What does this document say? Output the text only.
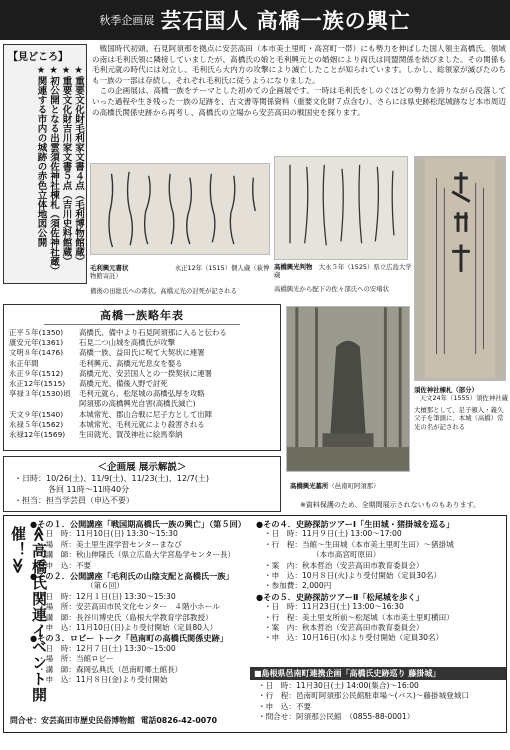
秋季企画展 芸石国人 高橋一族の興亡
【見どころ】

★重要文化財毛利家文書４点（毛利博物館蔵）

★重要文化財吉川家文書５点（吉川史料館蔵）

★初公開となる出雲須佐神社棟札（須佐神社蔵）

★関連する市内の城跡の赤色立体地図公開

戦国時代初頭、石見阿須那を拠点に安芸高田（本市美土里町・高宮町一帯）にも勢力を伸ばした国人領主高橋氏。領域の南は毛利氏領に隣接していましたが、高橋氏の娘と毛利興元との婚姻により両氏は同盟関係を結びました。その関係も毛利元就の時代には対立し、毛利氏ら大内方の攻撃により滅亡したことが知られています。しかし、総領家が滅びたのちも一族の一部は存続し、それぞれ毛利氏に従うようになりました。

この企画展は、高橋一族をテーマとした初めての企画展です。一時は毛利氏をしのぐほどの勢力を誇りながら没落していった過程や生き残った一族の足跡を、古文書等関係資料（重要文化財７点含む）、さらには県史跡松尾城跡など本市周辺の高橋氏関係史跡から再考し、高橋氏の立場から安芸高田の戦国史を探ります。

毛利興元書状　	永正12年（1515）個人蔵（萩博物館寄託）
備後の田総氏への書状。高橋元光の討死が記される
高橋興光判物　 大永５年（1525）県立広島大学蔵
高橋興光から配下の佐々部氏への安堵状
須佐神社棟札（部分）
天文24年（1555）須佐神社蔵
大檀那として、足子頓入・義久父子を筆頭に、本城（高橋）常光の名が記される
高橋興光墓所（邑南町阿須那）
高橋一族略年表
正平５年(1350)	高橋氏、備中より石見阿須那に入ると伝わる
康安元年(1361)	石見二つ山城を高橋氏が攻撃
文明８年(1476)	高橋一族、益田氏に呪て大契状に連署
永正年間	毛利興元、高橋元光息女を娶る
永正９年(1512)	高橋元光、安芸国人との一揆契状に連署
永正12年(1515)	高橋元光、備後入野で討死
享禄３年(1530)頃	毛利元就ら、松尾城の高橋弘厚を攻略
阿須那の高橋興光自害(高橋氏滅亡)
天文９年(1540)	本城常光、郡山合戦に尼子方として出陣
永禄５年(1562)	本城常光、毛利元就により殺害される
永禄12年(1569)	生田就光、賀茂神社に絵馬奉納
＜企画展 展示解説＞
・日時：10/26(土)、11/9(土)、11/23(土)、12/7(土)
各回 11時～11時40分
・担当：担当学芸員（申込不要）	※資料保護のため、全期間展示されないものもあります。
≪高橋氏関連イベント開催！≫
●その１．公開講座「戦国期高橋氏一族の興亡」（第５回）
・日　時：11月10日(日) 13:30～15:30
・場　所：美土里生涯学習センターまなび
・講　師：秋山伸隆氏（県立広島大学宮島学センター長）
・申　込：不要
●その２．公開講座「毛利氏の山陰支配と高橋氏一族」
（第６回）
・日　時：12月１日(日) 13:30～15:30
・場　所：安芸高田市民文化センター　４階小ホール
・講　師：長谷川博史氏（島根大学教育学部教授）
・申　込：11月10日(日)より受付開始（定員80人）
●その３．ロビー トーク「邑南町の高橋氏関係史跡」
・日　時：12月７日(土) 13:30～15:00
・場　所：当館ロビー
・講　師：森岡弘典氏（邑南町郷土館長）
・申　込：11月８日(金)より受付開始
●その４．史跡探訪ツアーⅠ「生田城・猪掛城を巡る」
・日　時：11月９日(土) 13:00～17:00
・行　程：当館～生田城（本市美土里町生田）～猪掛城
（本市高宮町原田）
・案　内：秋本哲治（安芸高田市教育委員会）
・申　込：10月８日(火)より受付開始（定員30名）
・参加費：2,000円
●その５．史跡探訪ツアーⅡ「松尾城を歩く」
・日　時：11月23日(土) 13:00～16:30
・行　程：美土里支所前～松尾城（本市美土里町横田）
・案　内：秋本哲治（安芸高田市教育委員会）
・申　込：10月16日(水)より受付開始（定員30名）
問合せ：安芸高田市歴史民俗博物館 電話0826-42-0070
■島根県邑南町連携企画「高橋氏史跡巡り 藤掛城」
・日　時：11月30日(土) 14:00(集合)～16:00
・行　程：邑南町阿須那公民館駐車場～(バス)～藤掛城登城口
・申　込：不要
・問合せ：阿須那公民館　（0855-88-0001）
